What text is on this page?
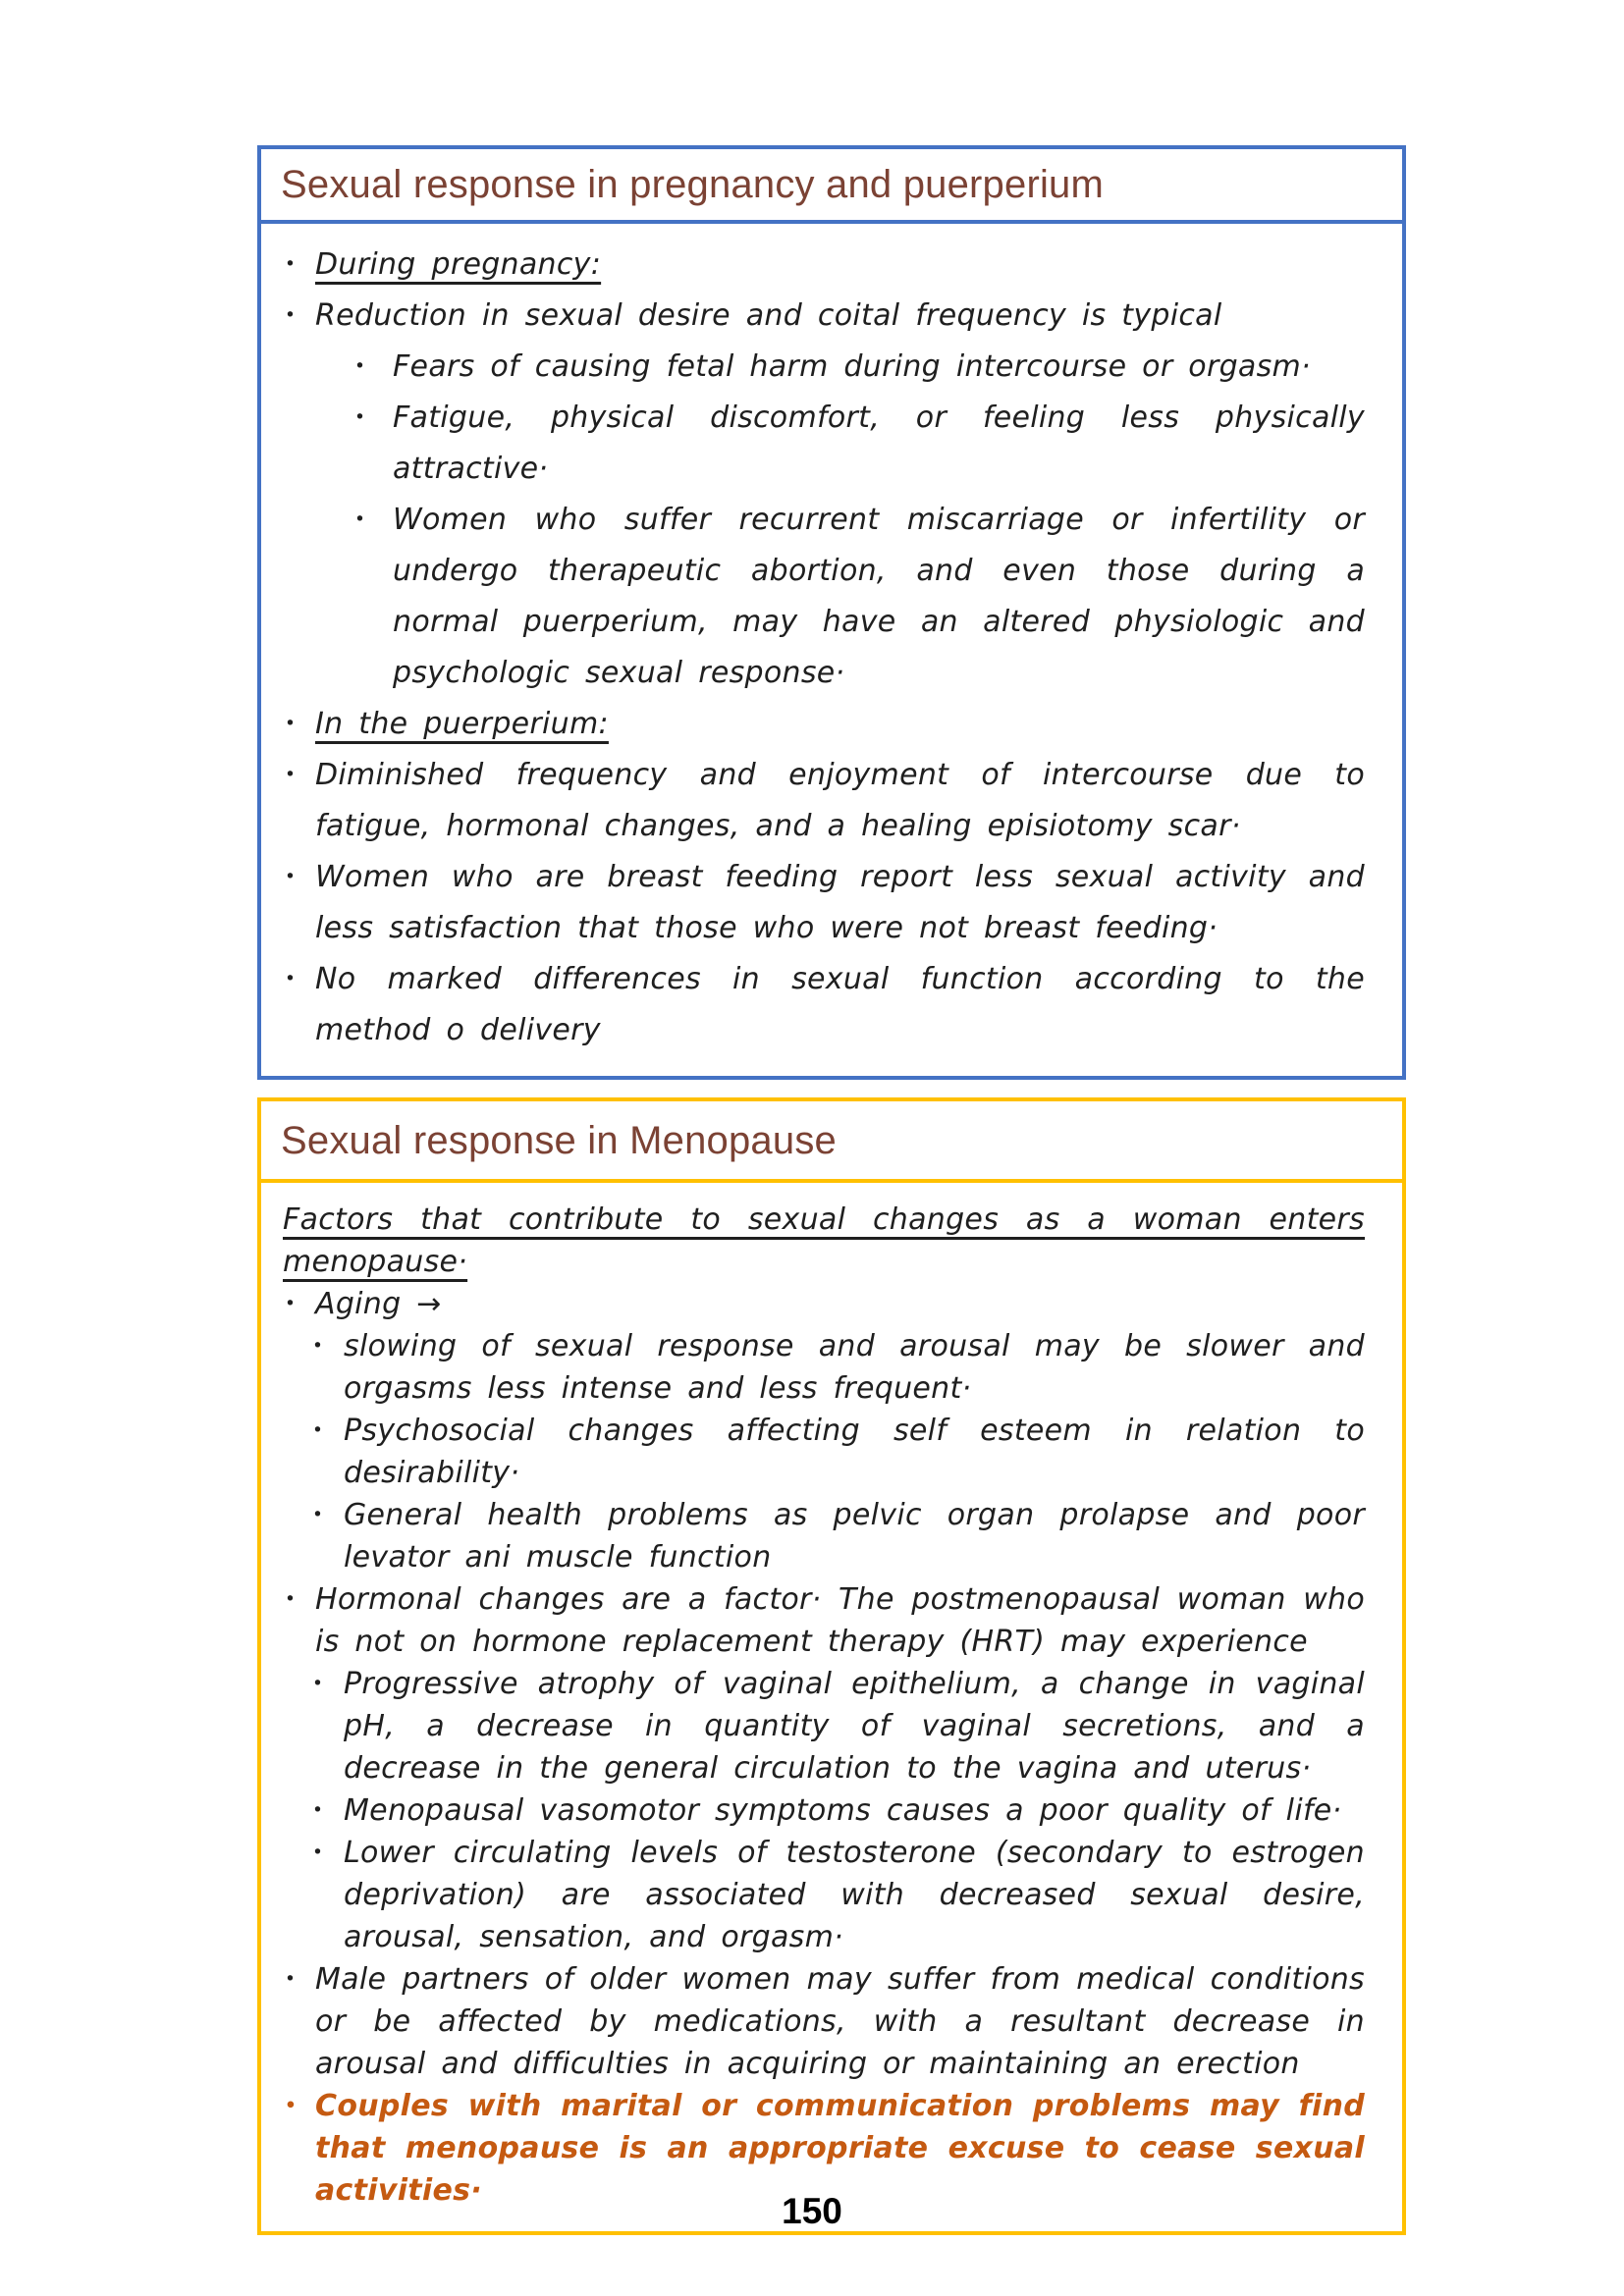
Sexual response in pregnancy and puerperium
• During pregnancy:
• Reduction in sexual desire and coital frequency is typical
• Fears of causing fetal harm during intercourse or orgasm·
• Fatigue, physical discomfort, or feeling less physically attractive·
• Women who suffer recurrent miscarriage or infertility or undergo therapeutic abortion, and even those during a normal puerperium, may have an altered physiologic and psychologic sexual response·
• In the puerperium:
• Diminished frequency and enjoyment of intercourse due to fatigue, hormonal changes, and a healing episiotomy scar·
• Women who are breast feeding report less sexual activity and less satisfaction that those who were not breast feeding·
• No marked differences in sexual function according to the method o delivery
Sexual response in Menopause
Factors that contribute to sexual changes as a woman enters menopause·
• Aging →
• slowing of sexual response and arousal may be slower and orgasms less intense and less frequent·
• Psychosocial changes affecting self esteem in relation to desirability·
• General health problems as pelvic organ prolapse and poor levator ani muscle function
• Hormonal changes are a factor· The postmenopausal woman who is not on hormone replacement therapy (HRT) may experience
• Progressive atrophy of vaginal epithelium, a change in vaginal pH, a decrease in quantity of vaginal secretions, and a decrease in the general circulation to the vagina and uterus·
• Menopausal vasomotor symptoms causes a poor quality of life·
• Lower circulating levels of testosterone (secondary to estrogen deprivation) are associated with decreased sexual desire, arousal, sensation, and orgasm·
• Male partners of older women may suffer from medical conditions or be affected by medications, with a resultant decrease in arousal and difficulties in acquiring or maintaining an erection
• Couples with marital or communication problems may find that menopause is an appropriate excuse to cease sexual activities·
150
